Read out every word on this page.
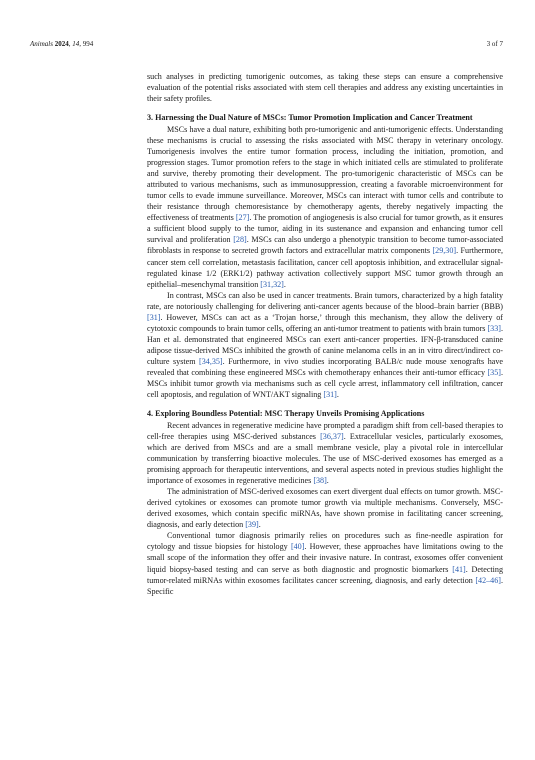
Animals 2024, 14, 994	3 of 7

such analyses in predicting tumorigenic outcomes, as taking these steps can ensure a comprehensive evaluation of the potential risks associated with stem cell therapies and address any existing uncertainties in their safety profiles.

3. Harnessing the Dual Nature of MSCs: Tumor Promotion Implication and Cancer Treatment

MSCs have a dual nature, exhibiting both pro-tumorigenic and anti-tumorigenic effects. Understanding these mechanisms is crucial to assessing the risks associated with MSC therapy in veterinary oncology. Tumorigenesis involves the entire tumor formation process, including the initiation, promotion, and progression stages. Tumor promotion refers to the stage in which initiated cells are stimulated to proliferate and survive, thereby promoting their development. The pro-tumorigenic characteristic of MSCs can be attributed to various mechanisms, such as immunosuppression, creating a favorable microenvironment for tumor cells to evade immune surveillance. Moreover, MSCs can interact with tumor cells and contribute to their resistance through chemoresistance by chemotherapy agents, thereby negatively impacting the effectiveness of treatments [27]. The promotion of angiogenesis is also crucial for tumor growth, as it ensures a sufficient blood supply to the tumor, aiding in its sustenance and expansion and enhancing tumor cell survival and proliferation [28]. MSCs can also undergo a phenotypic transition to become tumor-associated fibroblasts in response to secreted growth factors and extracellular matrix components [29,30]. Furthermore, cancer stem cell correlation, metastasis facilitation, cancer cell apoptosis inhibition, and extracellular signal-regulated kinase 1/2 (ERK1/2) pathway activation collectively support MSC tumor growth through an epithelial–mesenchymal transition [31,32].

In contrast, MSCs can also be used in cancer treatments. Brain tumors, characterized by a high fatality rate, are notoriously challenging for delivering anti-cancer agents because of the blood–brain barrier (BBB) [31]. However, MSCs can act as a ‘Trojan horse,’ through this mechanism, they allow the delivery of cytotoxic compounds to brain tumor cells, offering an anti-tumor treatment to patients with brain tumors [33]. Han et al. demonstrated that engineered MSCs can exert anti-cancer properties. IFN-β-transduced canine adipose tissue-derived MSCs inhibited the growth of canine melanoma cells in an in vitro direct/indirect co-culture system [34,35]. Furthermore, in vivo studies incorporating BALB/c nude mouse xenografts have revealed that combining these engineered MSCs with chemotherapy enhances their anti-tumor efficacy [35]. MSCs inhibit tumor growth via mechanisms such as cell cycle arrest, inflammatory cell infiltration, cancer cell apoptosis, and regulation of WNT/AKT signaling [31].

4. Exploring Boundless Potential: MSC Therapy Unveils Promising Applications

Recent advances in regenerative medicine have prompted a paradigm shift from cell-based therapies to cell-free therapies using MSC-derived substances [36,37]. Extracellular vesicles, particularly exosomes, which are derived from MSCs and are a small membrane vesicle, play a pivotal role in intercellular communication by transferring bioactive molecules. The use of MSC-derived exosomes has emerged as a promising approach for therapeutic interventions, and several aspects noted in previous studies highlight the importance of exosomes in regenerative medicines [38].

The administration of MSC-derived exosomes can exert divergent dual effects on tumor growth. MSC-derived cytokines or exosomes can promote tumor growth via multiple mechanisms. Conversely, MSC-derived exosomes, which contain specific miRNAs, have shown promise in facilitating cancer screening, diagnosis, and early detection [39].

Conventional tumor diagnosis primarily relies on procedures such as fine-needle aspiration for cytology and tissue biopsies for histology [40]. However, these approaches have limitations owing to the small scope of the information they offer and their invasive nature. In contrast, exosomes offer convenient liquid biopsy-based testing and can serve as both diagnostic and prognostic biomarkers [41]. Detecting tumor-related miRNAs within exosomes facilitates cancer screening, diagnosis, and early detection [42–46]. Specific
